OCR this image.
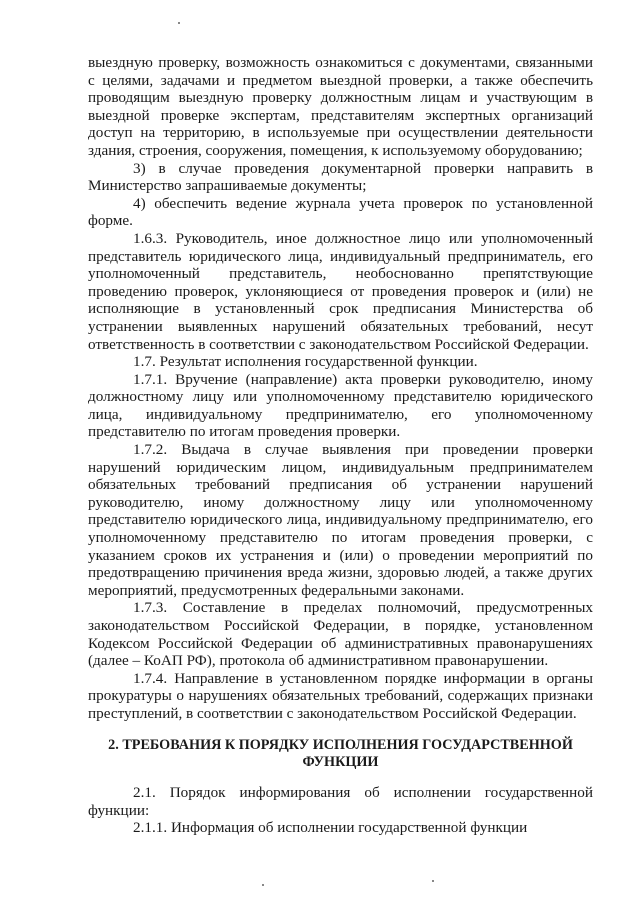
выездную проверку, возможность ознакомиться с документами, связанными с целями, задачами и предметом выездной проверки, а также обеспечить проводящим выездную проверку должностным лицам и участвующим в выездной проверке экспертам, представителям экспертных организаций доступ на территорию, в используемые при осуществлении деятельности здания, строения, сооружения, помещения, к используемому оборудованию;

3) в случае проведения документарной проверки направить в Министерство запрашиваемые документы;

4) обеспечить ведение журнала учета проверок по установленной форме.

1.6.3. Руководитель, иное должностное лицо или уполномоченный представитель юридического лица, индивидуальный предприниматель, его уполномоченный представитель, необоснованно препятствующие проведению проверок, уклоняющиеся от проведения проверок и (или) не исполняющие в установленный срок предписания Министерства об устранении выявленных нарушений обязательных требований, несут ответственность в соответствии с законодательством Российской Федерации.

1.7. Результат исполнения государственной функции.

1.7.1. Вручение (направление) акта проверки руководителю, иному должностному лицу или уполномоченному представителю юридического лица, индивидуальному предпринимателю, его уполномоченному представителю по итогам проведения проверки.

1.7.2. Выдача в случае выявления при проведении проверки нарушений юридическим лицом, индивидуальным предпринимателем обязательных требований предписания об устранении нарушений руководителю, иному должностному лицу или уполномоченному представителю юридического лица, индивидуальному предпринимателю, его уполномоченному представителю по итогам проведения проверки, с указанием сроков их устранения и (или) о проведении мероприятий по предотвращению причинения вреда жизни, здоровью людей, а также других мероприятий, предусмотренных федеральными законами.

1.7.3. Составление в пределах полномочий, предусмотренных законодательством Российской Федерации, в порядке, установленном Кодексом Российской Федерации об административных правонарушениях (далее – КоАП РФ), протокола об административном правонарушении.

1.7.4. Направление в установленном порядке информации в органы прокуратуры о нарушениях обязательных требований, содержащих признаки преступлений, в соответствии с законодательством Российской Федерации.

2. ТРЕБОВАНИЯ К ПОРЯДКУ ИСПОЛНЕНИЯ ГОСУДАРСТВЕННОЙ ФУНКЦИИ

2.1. Порядок информирования об исполнении государственной функции:

2.1.1. Информация об исполнении государственной функции
